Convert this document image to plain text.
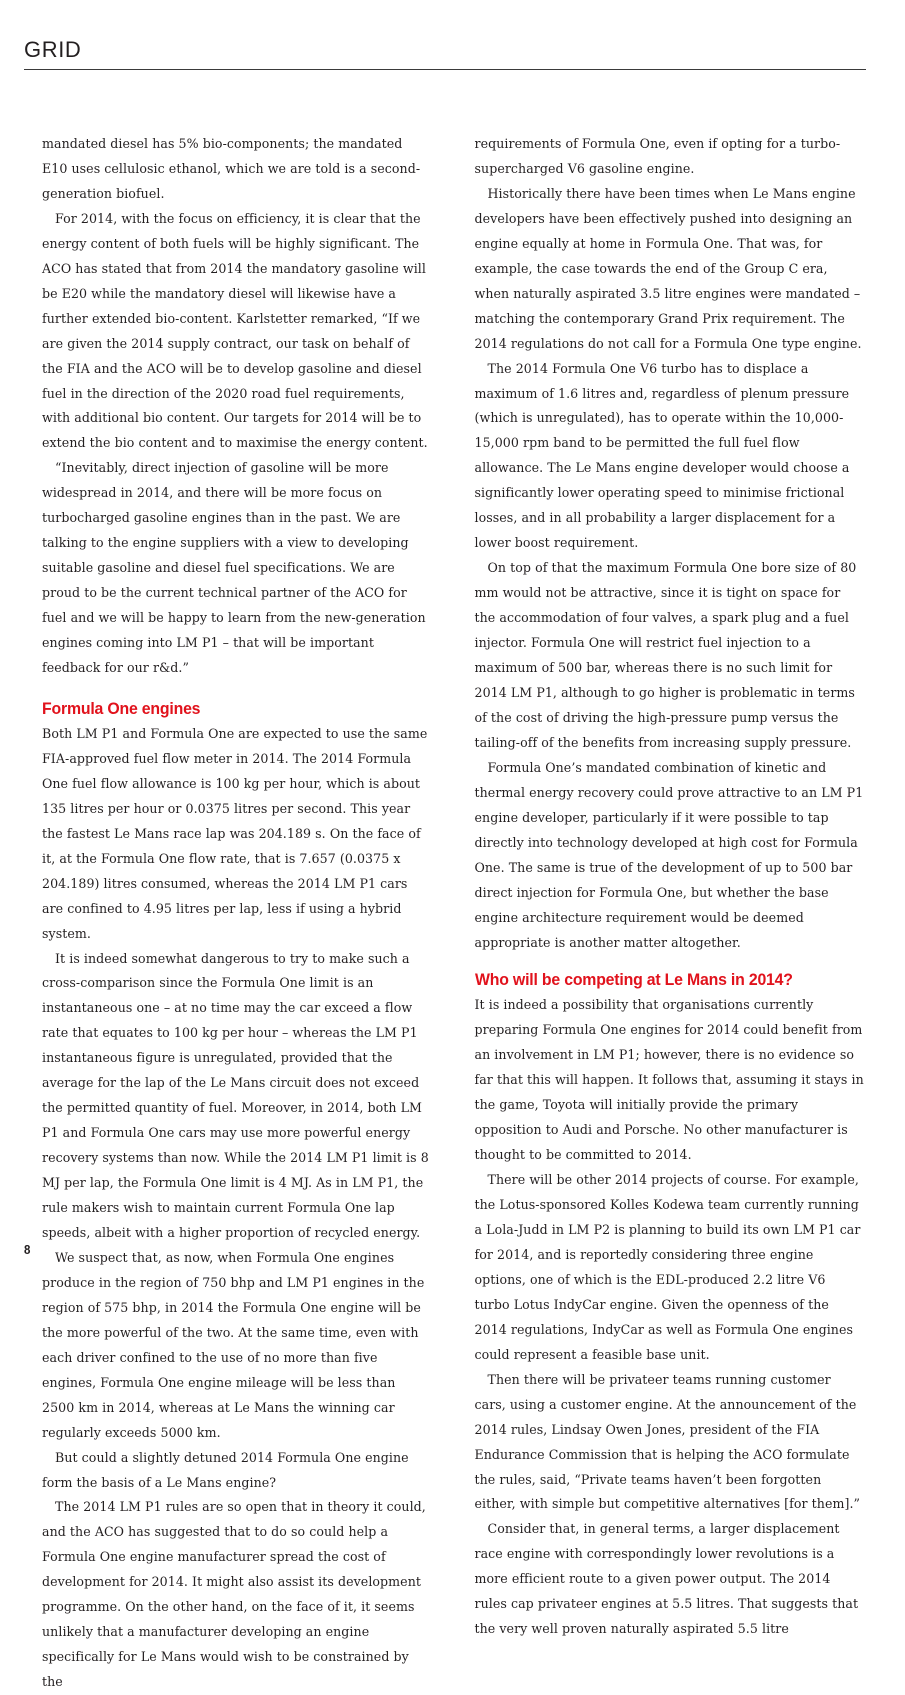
GRID

mandated diesel has 5% bio-components; the mandated E10 uses cellulosic ethanol, which we are told is a second-generation biofuel.

For 2014, with the focus on efficiency, it is clear that the energy content of both fuels will be highly significant. The ACO has stated that from 2014 the mandatory gasoline will be E20 while the mandatory diesel will likewise have a further extended bio-content. Karlstetter remarked, “If we are given the 2014 supply contract, our task on behalf of the FIA and the ACO will be to develop gasoline and diesel fuel in the direction of the 2020 road fuel requirements, with additional bio content. Our targets for 2014 will be to extend the bio content and to maximise the energy content.

“Inevitably, direct injection of gasoline will be more widespread in 2014, and there will be more focus on turbocharged gasoline engines than in the past. We are talking to the engine suppliers with a view to developing suitable gasoline and diesel fuel specifications. We are proud to be the current technical partner of the ACO for fuel and we will be happy to learn from the new-generation engines coming into LM P1 – that will be important feedback for our r&d.”

Formula One engines

Both LM P1 and Formula One are expected to use the same FIA-approved fuel flow meter in 2014. The 2014 Formula One fuel flow allowance is 100 kg per hour, which is about 135 litres per hour or 0.0375 litres per second. This year the fastest Le Mans race lap was 204.189 s. On the face of it, at the Formula One flow rate, that is 7.657 (0.0375 x 204.189) litres consumed, whereas the 2014 LM P1 cars are confined to 4.95 litres per lap, less if using a hybrid system.

It is indeed somewhat dangerous to try to make such a cross-comparison since the Formula One limit is an instantaneous one – at no time may the car exceed a flow rate that equates to 100 kg per hour – whereas the LM P1 instantaneous figure is unregulated, provided that the average for the lap of the Le Mans circuit does not exceed the permitted quantity of fuel. Moreover, in 2014, both LM P1 and Formula One cars may use more powerful energy recovery systems than now. While the 2014 LM P1 limit is 8 MJ per lap, the Formula One limit is 4 MJ. As in LM P1, the rule makers wish to maintain current Formula One lap speeds, albeit with a higher proportion of recycled energy.

We suspect that, as now, when Formula One engines produce in the region of 750 bhp and LM P1 engines in the region of 575 bhp, in 2014 the Formula One engine will be the more powerful of the two. At the same time, even with each driver confined to the use of no more than five engines, Formula One engine mileage will be less than 2500 km in 2014, whereas at Le Mans the winning car regularly exceeds 5000 km.

But could a slightly detuned 2014 Formula One engine form the basis of a Le Mans engine?

The 2014 LM P1 rules are so open that in theory it could, and the ACO has suggested that to do so could help a Formula One engine manufacturer spread the cost of development for 2014. It might also assist its development programme. On the other hand, on the face of it, it seems unlikely that a manufacturer developing an engine specifically for Le Mans would wish to be constrained by the

requirements of Formula One, even if opting for a turbo-supercharged V6 gasoline engine.

Historically there have been times when Le Mans engine developers have been effectively pushed into designing an engine equally at home in Formula One. That was, for example, the case towards the end of the Group C era, when naturally aspirated 3.5 litre engines were mandated – matching the contemporary Grand Prix requirement. The 2014 regulations do not call for a Formula One type engine.

The 2014 Formula One V6 turbo has to displace a maximum of 1.6 litres and, regardless of plenum pressure (which is unregulated), has to operate within the 10,000-15,000 rpm band to be permitted the full fuel flow allowance. The Le Mans engine developer would choose a significantly lower operating speed to minimise frictional losses, and in all probability a larger displacement for a lower boost requirement.

On top of that the maximum Formula One bore size of 80 mm would not be attractive, since it is tight on space for the accommodation of four valves, a spark plug and a fuel injector. Formula One will restrict fuel injection to a maximum of 500 bar, whereas there is no such limit for 2014 LM P1, although to go higher is problematic in terms of the cost of driving the high-pressure pump versus the tailing-off of the benefits from increasing supply pressure.

Formula One’s mandated combination of kinetic and thermal energy recovery could prove attractive to an LM P1 engine developer, particularly if it were possible to tap directly into technology developed at high cost for Formula One. The same is true of the development of up to 500 bar direct injection for Formula One, but whether the base engine architecture requirement would be deemed appropriate is another matter altogether.

Who will be competing at Le Mans in 2014?

It is indeed a possibility that organisations currently preparing Formula One engines for 2014 could benefit from an involvement in LM P1; however, there is no evidence so far that this will happen. It follows that, assuming it stays in the game, Toyota will initially provide the primary opposition to Audi and Porsche. No other manufacturer is thought to be committed to 2014.

There will be other 2014 projects of course. For example, the Lotus-sponsored Kolles Kodewa team currently running a Lola-Judd in LM P2 is planning to build its own LM P1 car for 2014, and is reportedly considering three engine options, one of which is the EDL-produced 2.2 litre V6 turbo Lotus IndyCar engine. Given the openness of the 2014 regulations, IndyCar as well as Formula One engines could represent a feasible base unit.

Then there will be privateer teams running customer cars, using a customer engine. At the announcement of the 2014 rules, Lindsay Owen Jones, president of the FIA Endurance Commission that is helping the ACO formulate the rules, said, “Private teams haven’t been forgotten either, with simple but competitive alternatives [for them].”

Consider that, in general terms, a larger displacement race engine with correspondingly lower revolutions is a more efficient route to a given power output. The 2014 rules cap privateer engines at 5.5 litres. That suggests that the very well proven naturally aspirated 5.5 litre

8
